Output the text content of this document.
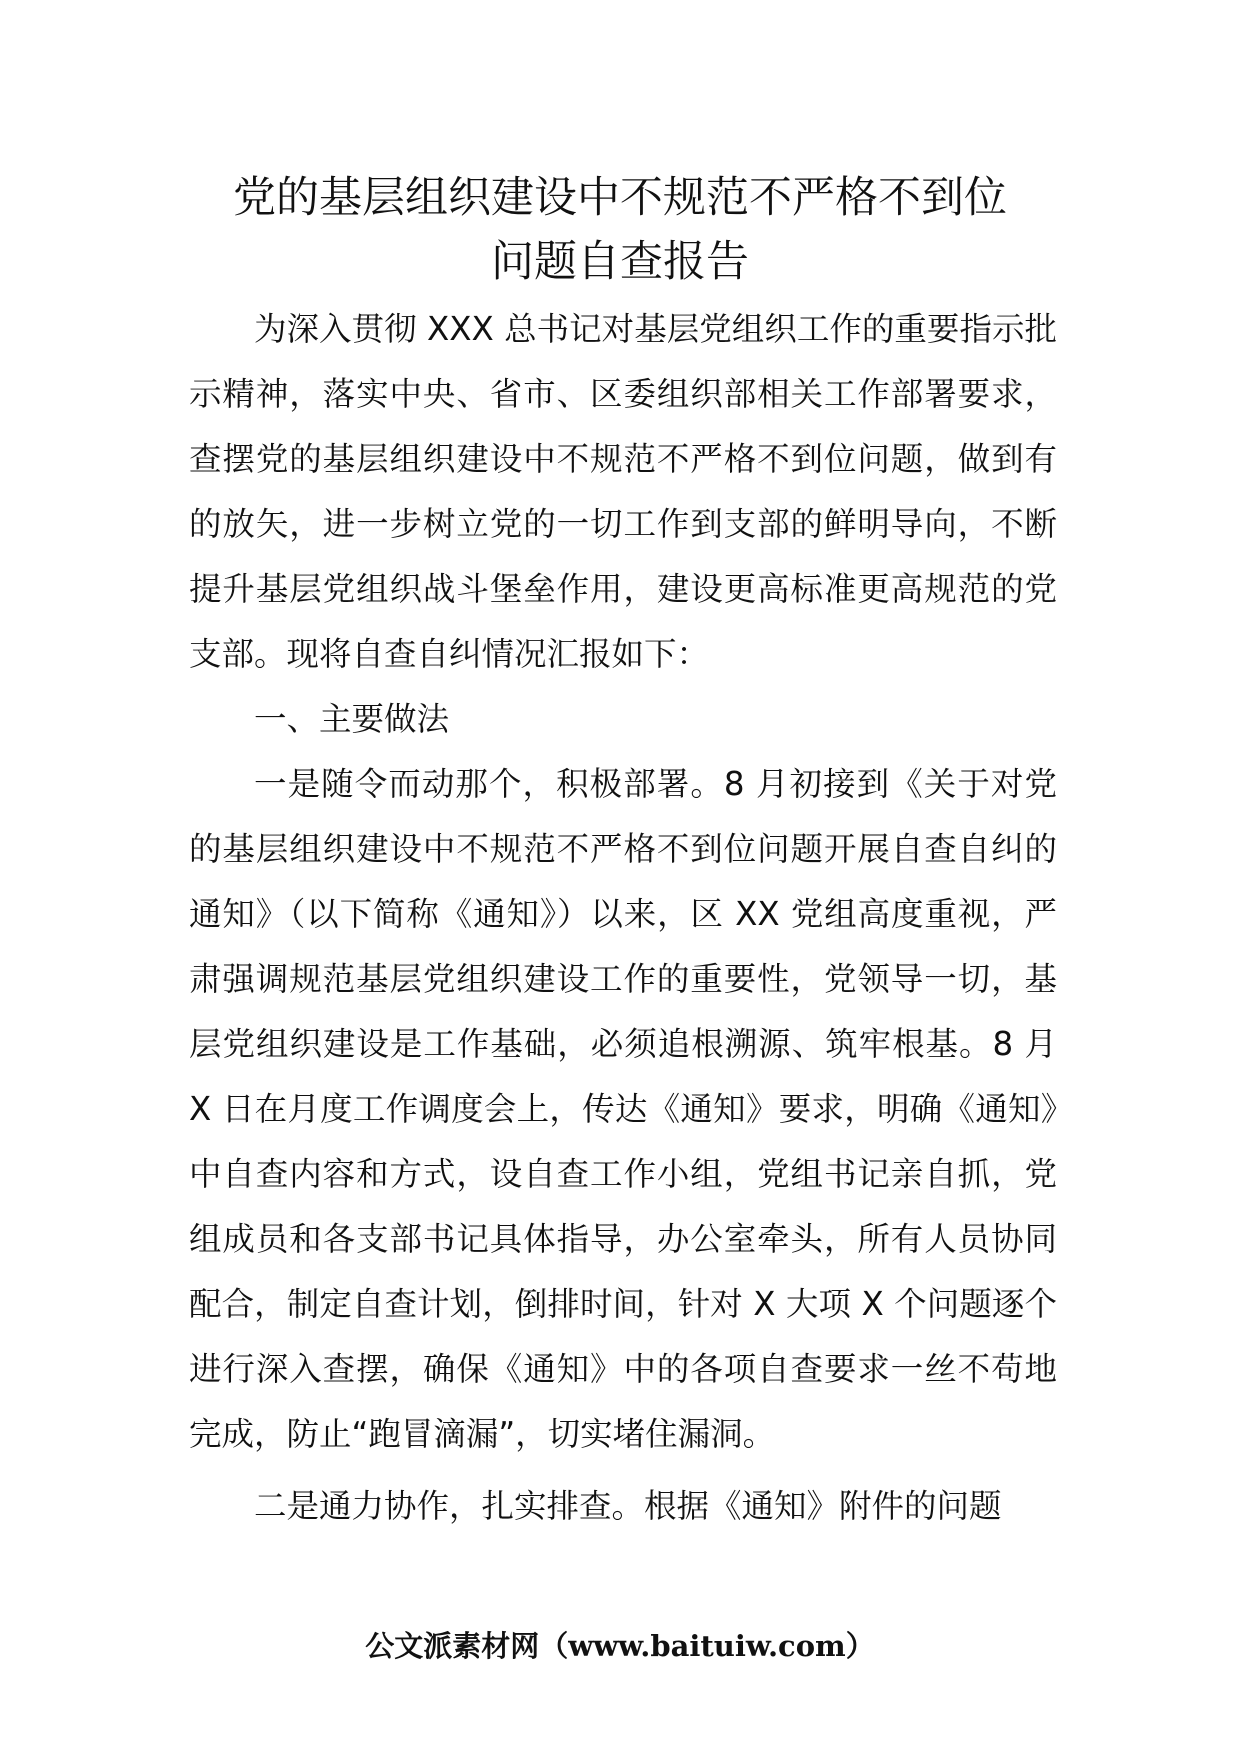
党的基层组织建设中不规范不严格不到位
问题自查报告

为深入贯彻 XXX 总书记对基层党组织工作的重要指示批示精神，落实中央、省市、区委组织部相关工作部署要求，查摆党的基层组织建设中不规范不严格不到位问题，做到有的放矢，进一步树立党的一切工作到支部的鲜明导向，不断提升基层党组织战斗堡垒作用，建设更高标准更高规范的党支部。现将自查自纠情况汇报如下：

一、主要做法

一是随令而动那个，积极部署。8 月初接到《关于对党的基层组织建设中不规范不严格不到位问题开展自查自纠的通知》（以下简称《通知》）以来，区 XX 党组高度重视，严肃强调规范基层党组织建设工作的重要性，党领导一切，基层党组织建设是工作基础，必须追根溯源、筑牢根基。8 月 X 日在月度工作调度会上，传达《通知》要求，明确《通知》中自查内容和方式，设自查工作小组，党组书记亲自抓，党组成员和各支部书记具体指导，办公室牵头，所有人员协同配合，制定自查计划，倒排时间，针对 X 大项 X 个问题逐个进行深入查摆，确保《通知》中的各项自查要求一丝不苟地完成，防止“跑冒滴漏”，切实堵住漏洞。

二是通力协作，扎实排查。根据《通知》附件的问题

公文派素材网（www.baituiw.com）
